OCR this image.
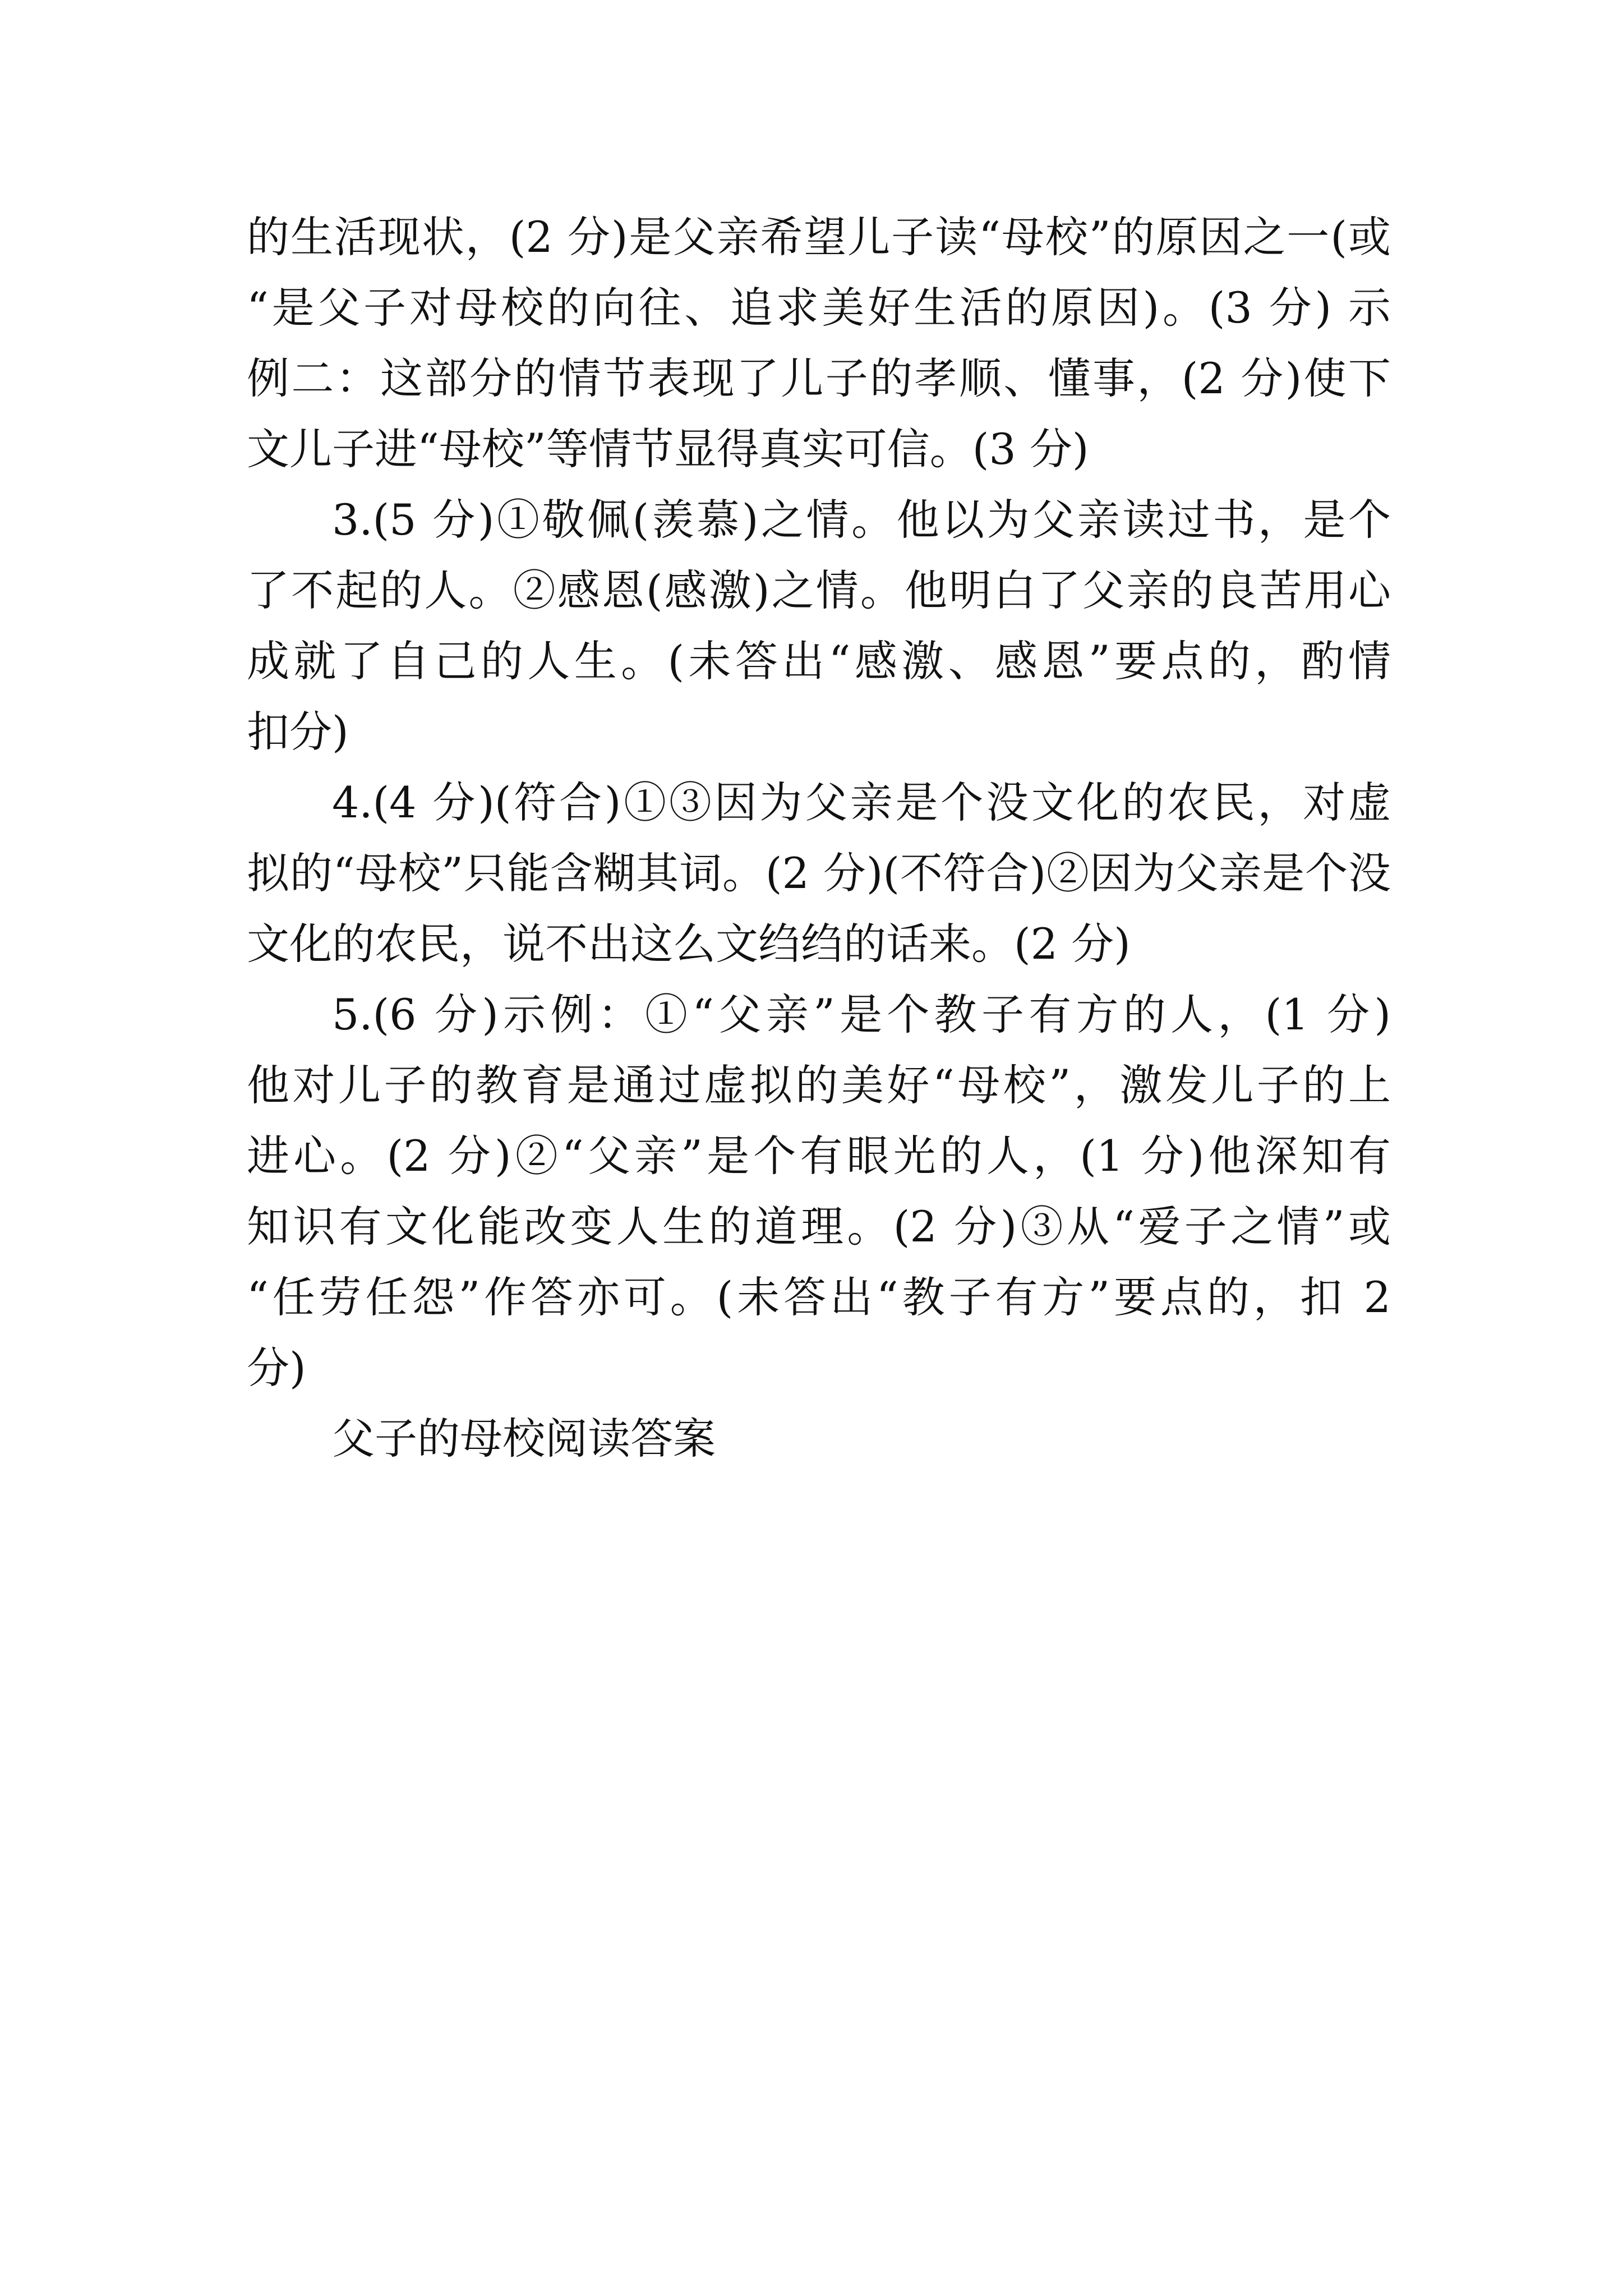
的生活现状，(2 分)是父亲希望儿子读“母校”的原因之一(或
“是父子对母校的向往、追求美好生活的原因)。(3 分) 示
例二：这部分的情节表现了儿子的孝顺、懂事，(2 分)使下
文儿子进“母校”等情节显得真实可信。(3 分)
3.(5 分)①敬佩(羡慕)之情。他以为父亲读过书，是个
了不起的人。②感恩(感激)之情。他明白了父亲的良苦用心
成就了自己的人生。(未答出“感激、感恩”要点的，酌情
扣分)
4.(4 分)(符合)①③因为父亲是个没文化的农民，对虚
拟的“母校”只能含糊其词。(2 分)(不符合)②因为父亲是个没
文化的农民，说不出这么文绉绉的话来。(2 分)
5.(6 分)示例：①“父亲”是个教子有方的人，(1 分)
他对儿子的教育是通过虚拟的美好“母校”，激发儿子的上
进心。(2 分)②“父亲”是个有眼光的人，(1 分)他深知有
知识有文化能改变人生的道理。(2 分)③从“爱子之情”或
“任劳任怨”作答亦可。(未答出“教子有方”要点的，扣 2
分)
父子的母校阅读答案
